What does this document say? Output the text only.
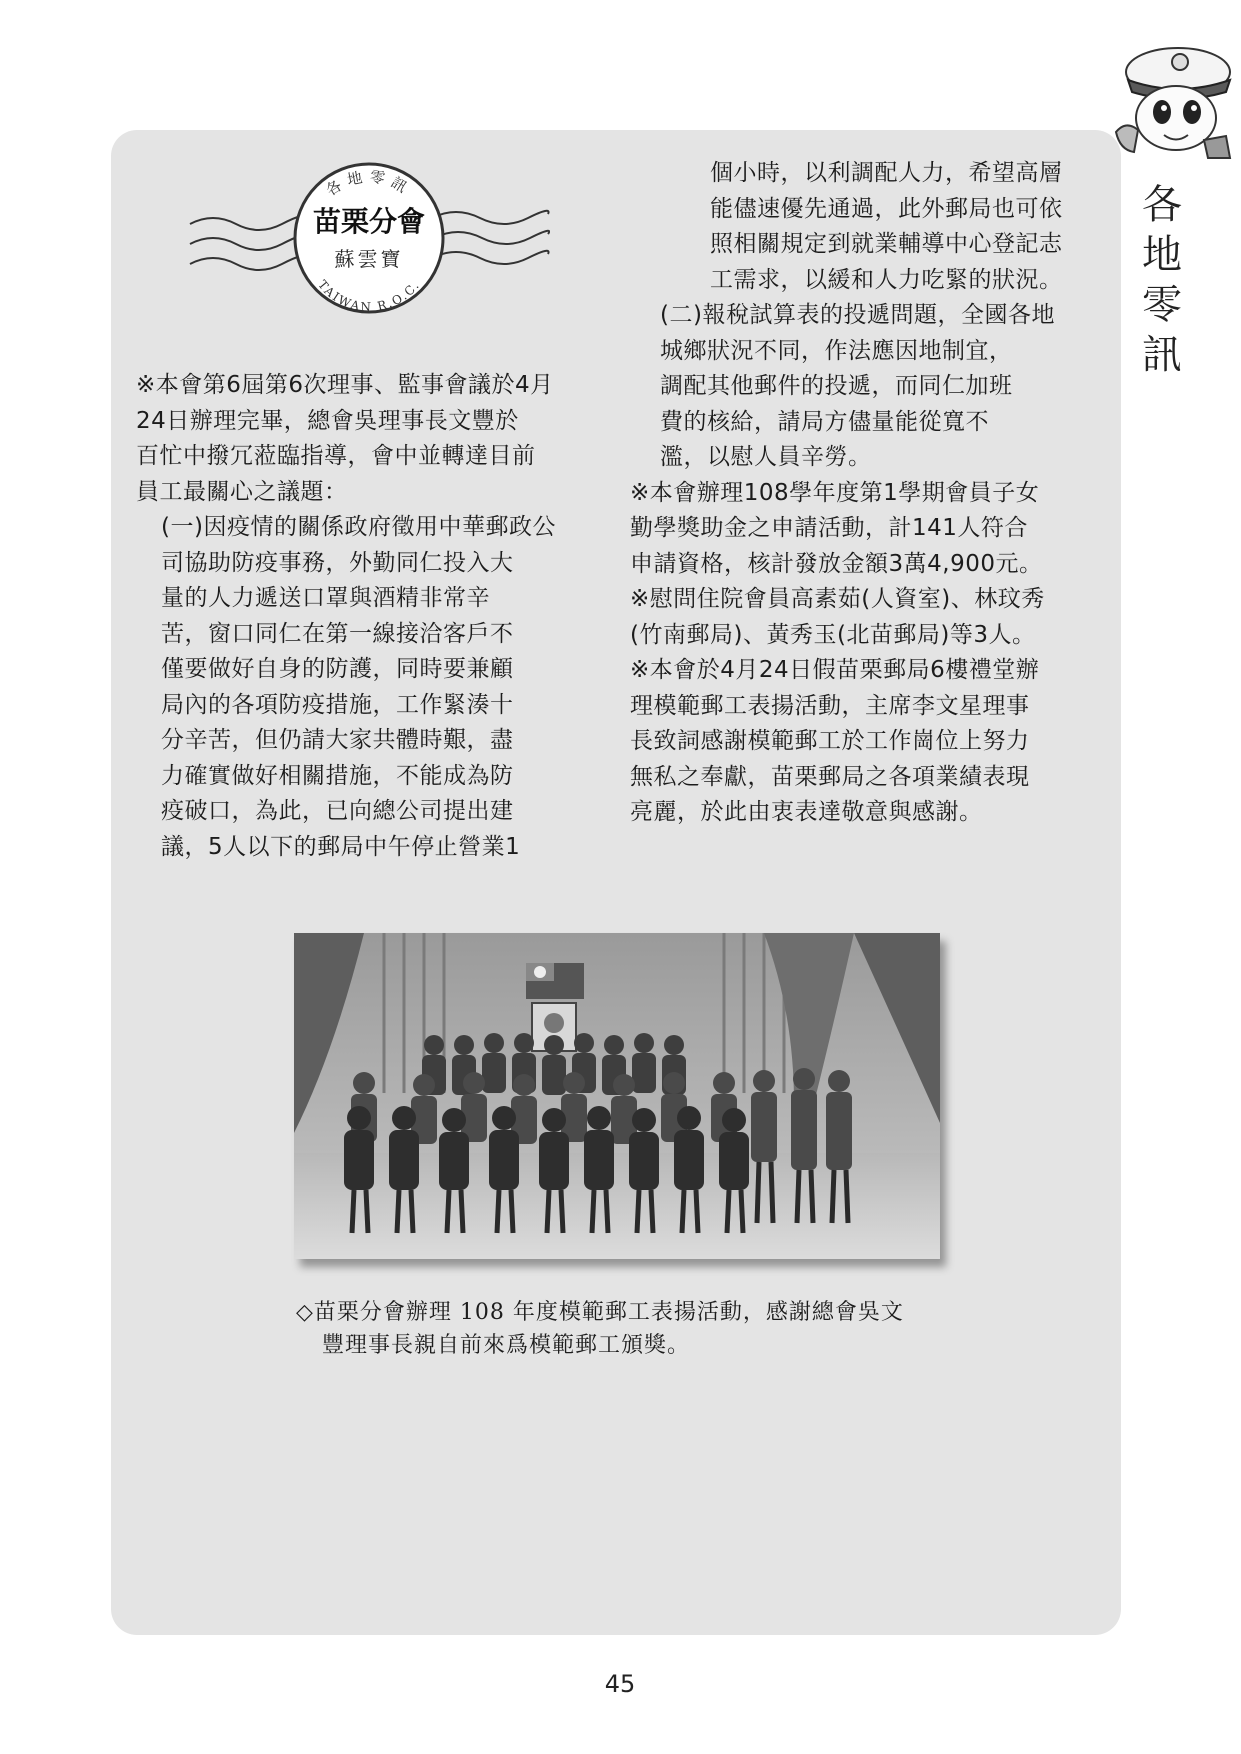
各
地
零
訊
各地零訊
苗栗分會
蘇雲寶
TAIWAN R.O.C.

※本會第6屆第6次理事、監事會議於4月

24日辦理完畢，總會吳理事長文豐於

百忙中撥冗蒞臨指導，會中並轉達目前

員工最關心之議題：

(一)因疫情的關係政府徵用中華郵政公

司協助防疫事務，外勤同仁投入大

量的人力遞送口罩與酒精非常辛

苦，窗口同仁在第一線接洽客戶不

僅要做好自身的防護，同時要兼顧

局內的各項防疫措施，工作緊湊十

分辛苦，但仍請大家共體時艱，盡

力確實做好相關措施，不能成為防

疫破口，為此，已向總公司提出建

議，5人以下的郵局中午停止營業1

個小時，以利調配人力，希望高層

能儘速優先通過，此外郵局也可依

照相關規定到就業輔導中心登記志

工需求，以緩和人力吃緊的狀況。

(二)報稅試算表的投遞問題，全國各地

城鄉狀況不同，作法應因地制宜，

調配其他郵件的投遞，而同仁加班

費的核給，請局方儘量能從寬不

濫，以慰人員辛勞。

※本會辦理108學年度第1學期會員子女

勤學獎助金之申請活動，計141人符合

申請資格，核計發放金額3萬4,900元。

※慰問住院會員高素茹(人資室)、林玟秀

(竹南郵局)、黃秀玉(北苗郵局)等3人。

※本會於4月24日假苗栗郵局6樓禮堂辦

理模範郵工表揚活動，主席李文星理事

長致詞感謝模範郵工於工作崗位上努力

無私之奉獻，苗栗郵局之各項業績表現

亮麗，於此由衷表達敬意與感謝。

◇苗栗分會辦理 108 年度模範郵工表揚活動，感謝總會吳文
豐理事長親自前來爲模範郵工頒獎。
45
